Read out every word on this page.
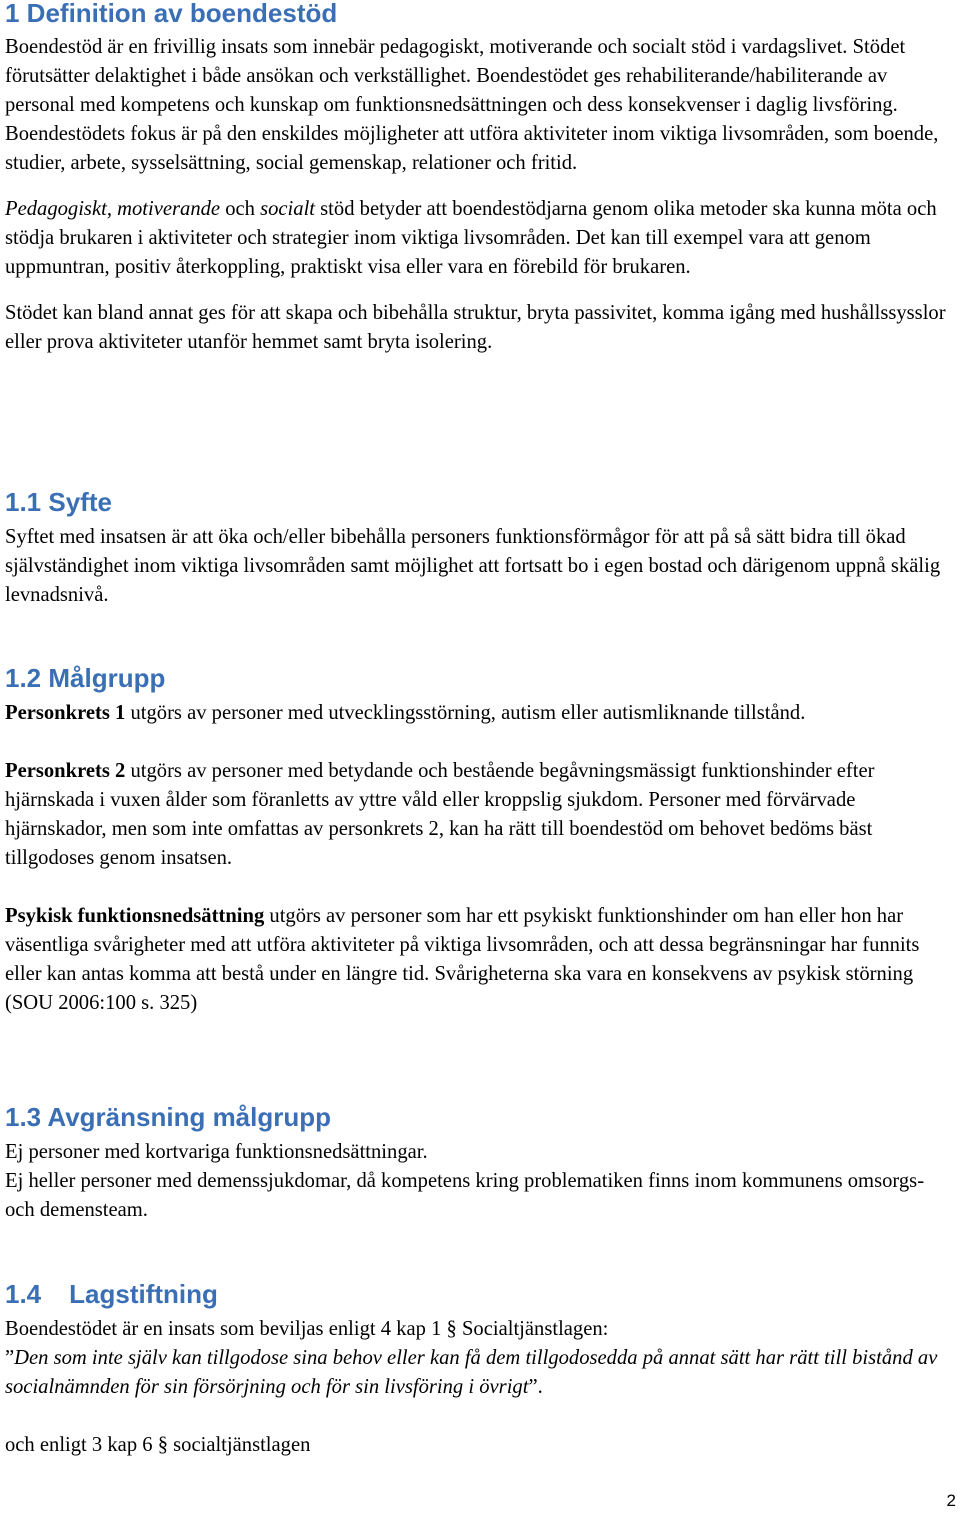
1 Definition av boendestöd

Boendestöd är en frivillig insats som innebär pedagogiskt, motiverande och socialt stöd i vardagslivet. Stödet förutsätter delaktighet i både ansökan och verkställighet. Boendestödet ges rehabiliterande/habiliterande av personal med kompetens och kunskap om funktionsnedsättningen och dess konsekvenser i daglig livsföring. Boendestödets fokus är på den enskildes möjligheter att utföra aktiviteter inom viktiga livsområden, som boende, studier, arbete, sysselsättning, social gemenskap, relationer och fritid.

Pedagogiskt, motiverande och socialt stöd betyder att boendestödjarna genom olika metoder ska kunna möta och stödja brukaren i aktiviteter och strategier inom viktiga livsområden. Det kan till exempel vara att genom uppmuntran, positiv återkoppling, praktiskt visa eller vara en förebild för brukaren.

Stödet kan bland annat ges för att skapa och bibehålla struktur, bryta passivitet, komma igång med hushållssysslor eller prova aktiviteter utanför hemmet samt bryta isolering.

1.1 Syfte

Syftet med insatsen är att öka och/eller bibehålla personers funktionsförmågor för att på så sätt bidra till ökad självständighet inom viktiga livsområden samt möjlighet att fortsatt bo i egen bostad och därigenom uppnå skälig levnadsnivå.

1.2 Målgrupp

Personkrets 1 utgörs av personer med utvecklingsstörning, autism eller autismliknande tillstånd.

Personkrets 2 utgörs av personer med betydande och bestående begåvningsmässigt funktionshinder efter hjärnskada i vuxen ålder som föranletts av yttre våld eller kroppslig sjukdom. Personer med förvärvade hjärnskador, men som inte omfattas av personkrets 2, kan ha rätt till boendestöd om behovet bedöms bäst tillgodoses genom insatsen.

Psykisk funktionsnedsättning utgörs av personer som har ett psykiskt funktionshinder om han eller hon har väsentliga svårigheter med att utföra aktiviteter på viktiga livsområden, och att dessa begränsningar har funnits eller kan antas komma att bestå under en längre tid. Svårigheterna ska vara en konsekvens av psykisk störning (SOU 2006:100 s. 325)

1.3 Avgränsning målgrupp

Ej personer med kortvariga funktionsnedsättningar.

Ej heller personer med demenssjukdomar, då kompetens kring problematiken finns inom kommunens omsorgs- och demensteam.

1.4 Lagstiftning

Boendestödet är en insats som beviljas enligt 4 kap 1 § Socialtjänstlagen:

”Den som inte själv kan tillgodose sina behov eller kan få dem tillgodosedda på annat sätt har rätt till bistånd av socialnämnden för sin försörjning och för sin livsföring i övrigt”.

och enligt 3 kap 6 § socialtjänstlagen

2
